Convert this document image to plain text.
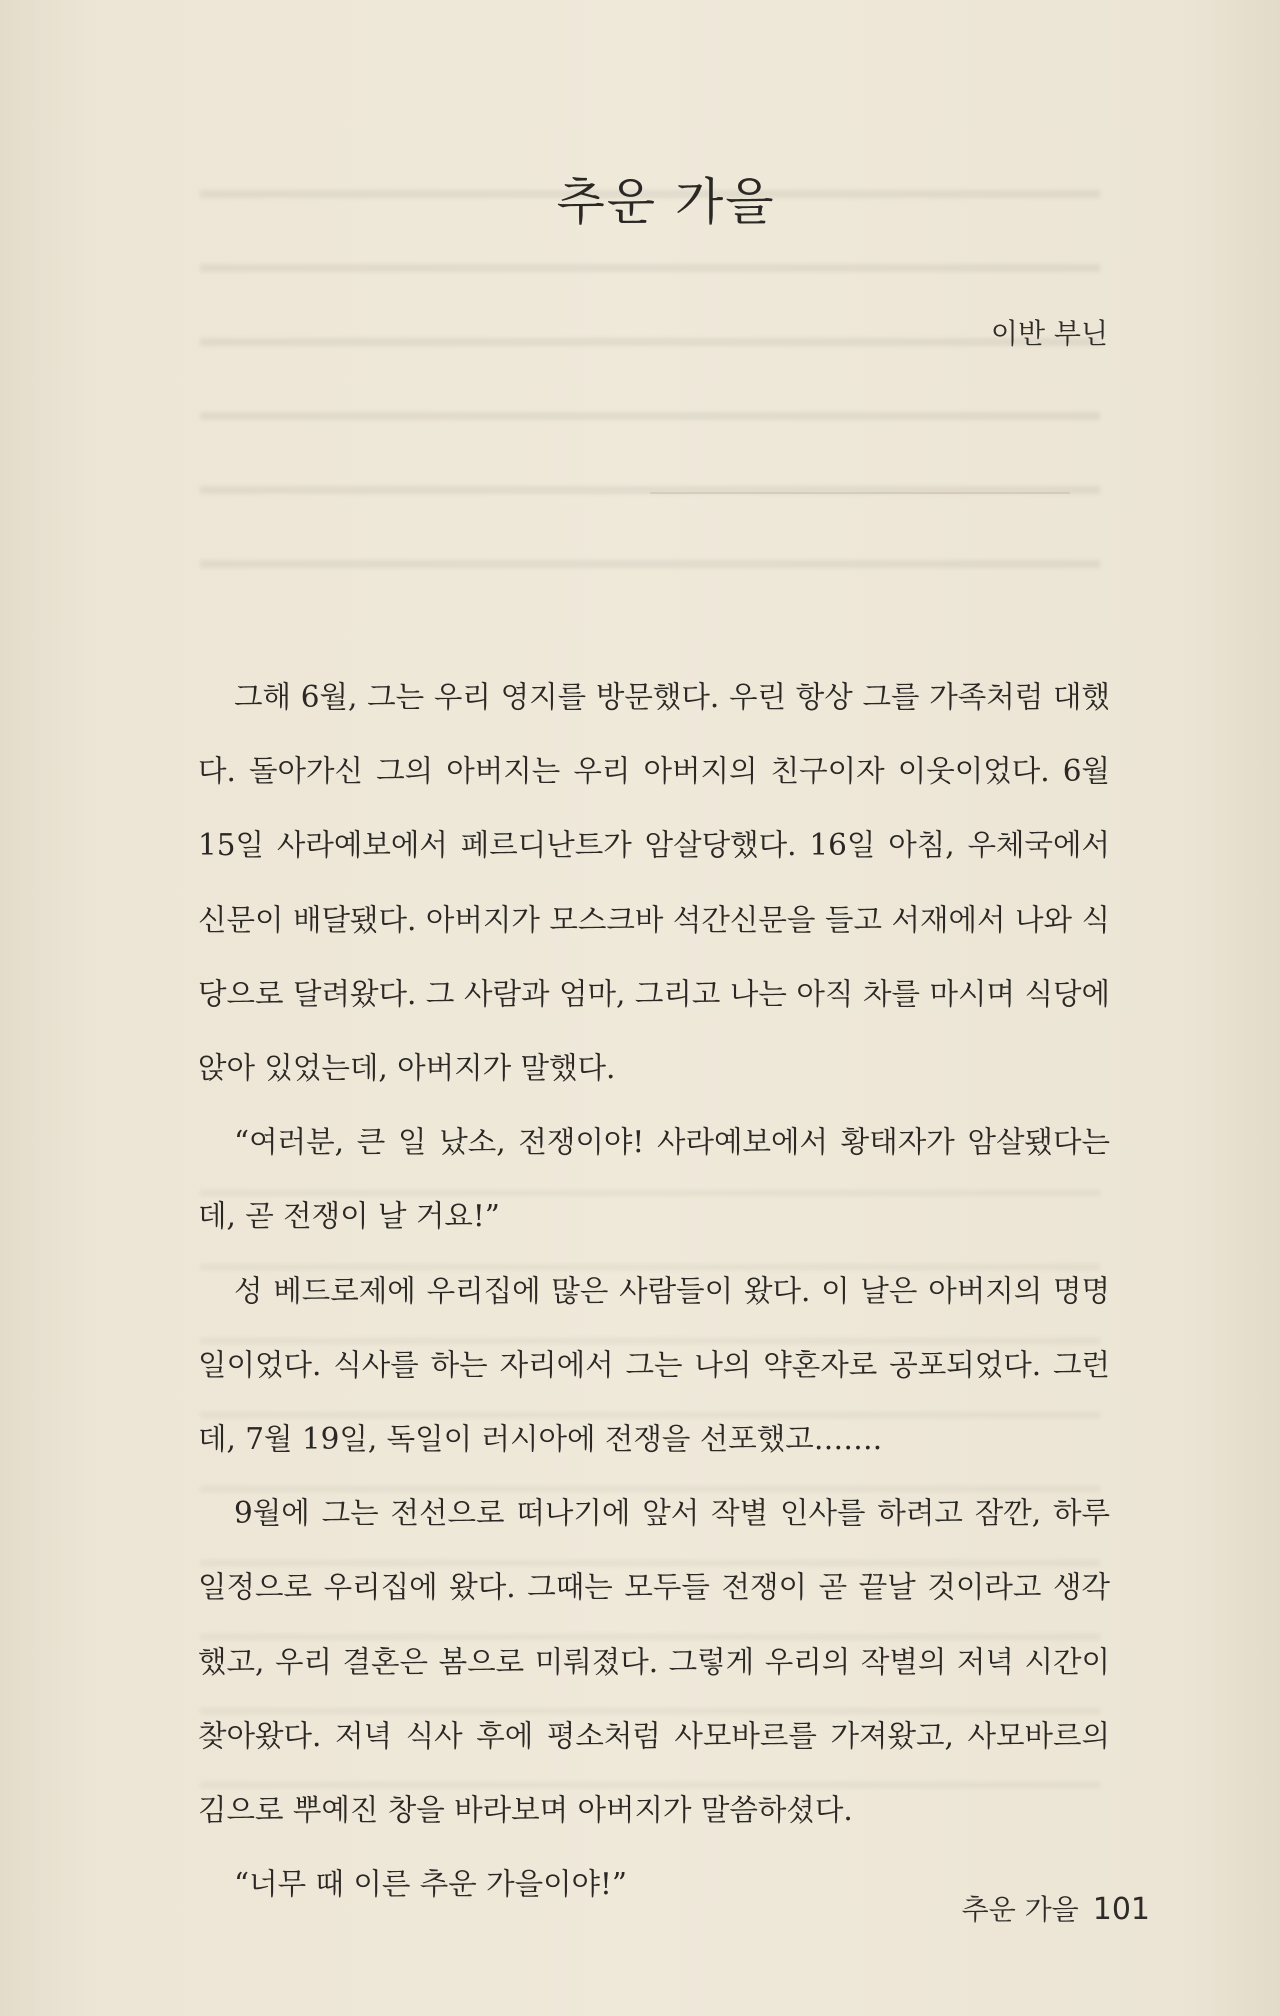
추운 가을
이반 부닌

그해 6월, 그는 우리 영지를 방문했다. 우린 항상 그를 가족처럼 대했다. 돌아가신 그의 아버지는 우리 아버지의 친구이자 이웃이었다. 6월 15일 사라예보에서 페르디난트가 암살당했다. 16일 아침, 우체국에서 신문이 배달됐다. 아버지가 모스크바 석간신문을 들고 서재에서 나와 식당으로 달려왔다. 그 사람과 엄마, 그리고 나는 아직 차를 마시며 식당에 앉아 있었는데, 아버지가 말했다.

“여러분, 큰 일 났소, 전쟁이야! 사라예보에서 황태자가 암살됐다는데, 곧 전쟁이 날 거요!”

성 베드로제에 우리집에 많은 사람들이 왔다. 이 날은 아버지의 명명일이었다. 식사를 하는 자리에서 그는 나의 약혼자로 공포되었다. 그런데, 7월 19일, 독일이 러시아에 전쟁을 선포했고…….

9월에 그는 전선으로 떠나기에 앞서 작별 인사를 하려고 잠깐, 하루 일정으로 우리집에 왔다. 그때는 모두들 전쟁이 곧 끝날 것이라고 생각했고, 우리 결혼은 봄으로 미뤄졌다. 그렇게 우리의 작별의 저녁 시간이 찾아왔다. 저녁 식사 후에 평소처럼 사모바르를 가져왔고, 사모바르의 김으로 뿌예진 창을 바라보며 아버지가 말씀하셨다.

“너무 때 이른 추운 가을이야!”

추운 가을 101
